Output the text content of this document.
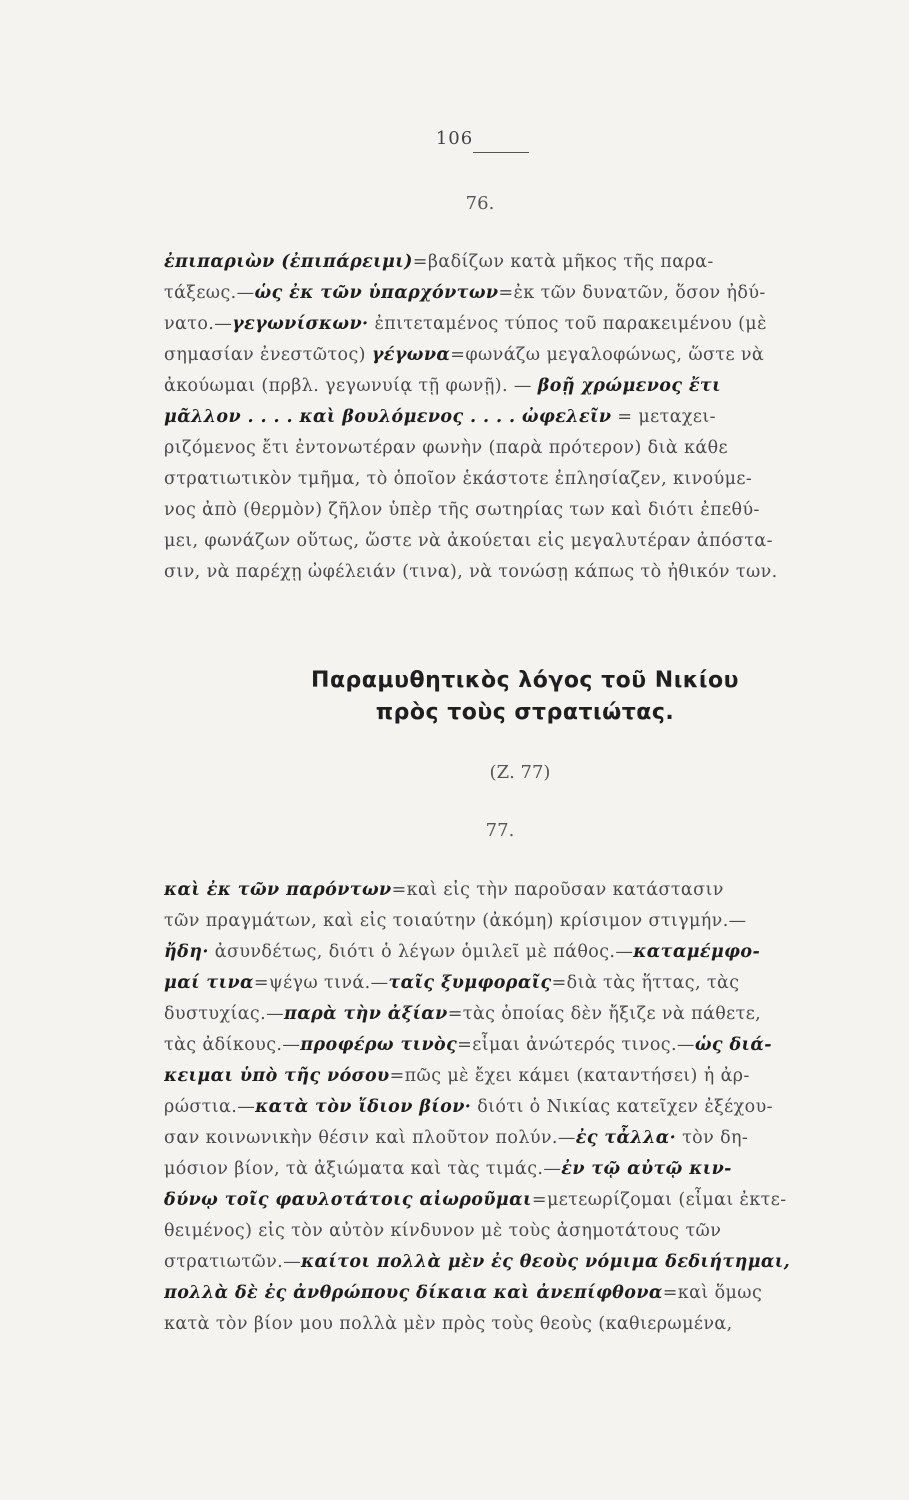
106
76.
ἐπιπαριὼν (ἐπιπάρειμι)=βαδίζων κατὰ μῆκος τῆς παρα-
τάξεως.—ὡς ἐκ τῶν ὑπαρχόντων=ἐκ τῶν δυνατῶν, ὅσον ἠδύ-
νατο.—γεγωνίσκων· ἐπιτεταμένος τύπος τοῦ παρακειμένου (μὲ
σημασίαν ἐνεστῶτος) γέγωνα=φωνάζω μεγαλοφώνως, ὥστε νὰ
ἀκούωμαι (πρβλ. γεγωνυίᾳ τῇ φωνῇ). — βοῇ χρώμενος ἔτι
μᾶλλον . . . . καὶ βουλόμενος . . . . ὠφελεῖν = μεταχει-
ριζόμενος ἔτι ἐντονωτέραν φωνὴν (παρὰ πρότερον) διὰ κάθε
στρατιωτικὸν τμῆμα, τὸ ὁποῖον ἑκάστοτε ἐπλησίαζεν, κινούμε-
νος ἀπὸ (θερμὸν) ζῆλον ὑπὲρ τῆς σωτηρίας των καὶ διότι ἐπεθύ-
μει, φωνάζων οὕτως, ὥστε νὰ ἀκούεται εἰς μεγαλυτέραν ἀπόστα-
σιν, νὰ παρέχῃ ὠφέλειάν (τινα), νὰ τονώσῃ κάπως τὸ ἠθικόν των.
Παραμυθητικὸς λόγος τοῦ Νικίου
πρὸς τοὺς στρατιώτας.
(Ζ. 77)
77.
καὶ ἐκ τῶν παρόντων=καὶ εἰς τὴν παροῦσαν κατάστασιν
τῶν πραγμάτων, καὶ εἰς τοιαύτην (ἀκόμη) κρίσιμον στιγμήν.—
ἤδη· ἀσυνδέτως, διότι ὁ λέγων ὁμιλεῖ μὲ πάθος.—καταμέμφο-
μαί τινα=ψέγω τινά.—ταῖς ξυμφοραῖς=διὰ τὰς ἥττας, τὰς
δυστυχίας.—παρὰ τὴν ἀξίαν=τὰς ὁποίας δὲν ἤξιζε νὰ πάθετε,
τὰς ἀδίκους.—προφέρω τινὸς=εἶμαι ἀνώτερός τινος.—ὡς διά-
κειμαι ὑπὸ τῆς νόσου=πῶς μὲ ἔχει κάμει (καταντήσει) ἡ ἀρ-
ρώστια.—κατὰ τὸν ἴδιον βίον· διότι ὁ Νικίας κατεῖχεν ἐξέχου-
σαν κοινωνικὴν θέσιν καὶ πλοῦτον πολύν.—ἐς τἆλλα· τὸν δη-
μόσιον βίον, τὰ ἀξιώματα καὶ τὰς τιμάς.—ἐν τῷ αὐτῷ κιν-
δύνῳ τοῖς φαυλοτάτοις αἰωροῦμαι=μετεωρίζομαι (εἶμαι ἐκτε-
θειμένος) εἰς τὸν αὐτὸν κίνδυνον μὲ τοὺς ἀσημοτάτους τῶν
στρατιωτῶν.—καίτοι πολλὰ μὲν ἐς θεοὺς νόμιμα δεδιήτημαι,
πολλὰ δὲ ἐς ἀνθρώπους δίκαια καὶ ἀνεπίφθονα=καὶ ὅμως
κατὰ τὸν βίον μου πολλὰ μὲν πρὸς τοὺς θεοὺς (καθιερωμένα,
